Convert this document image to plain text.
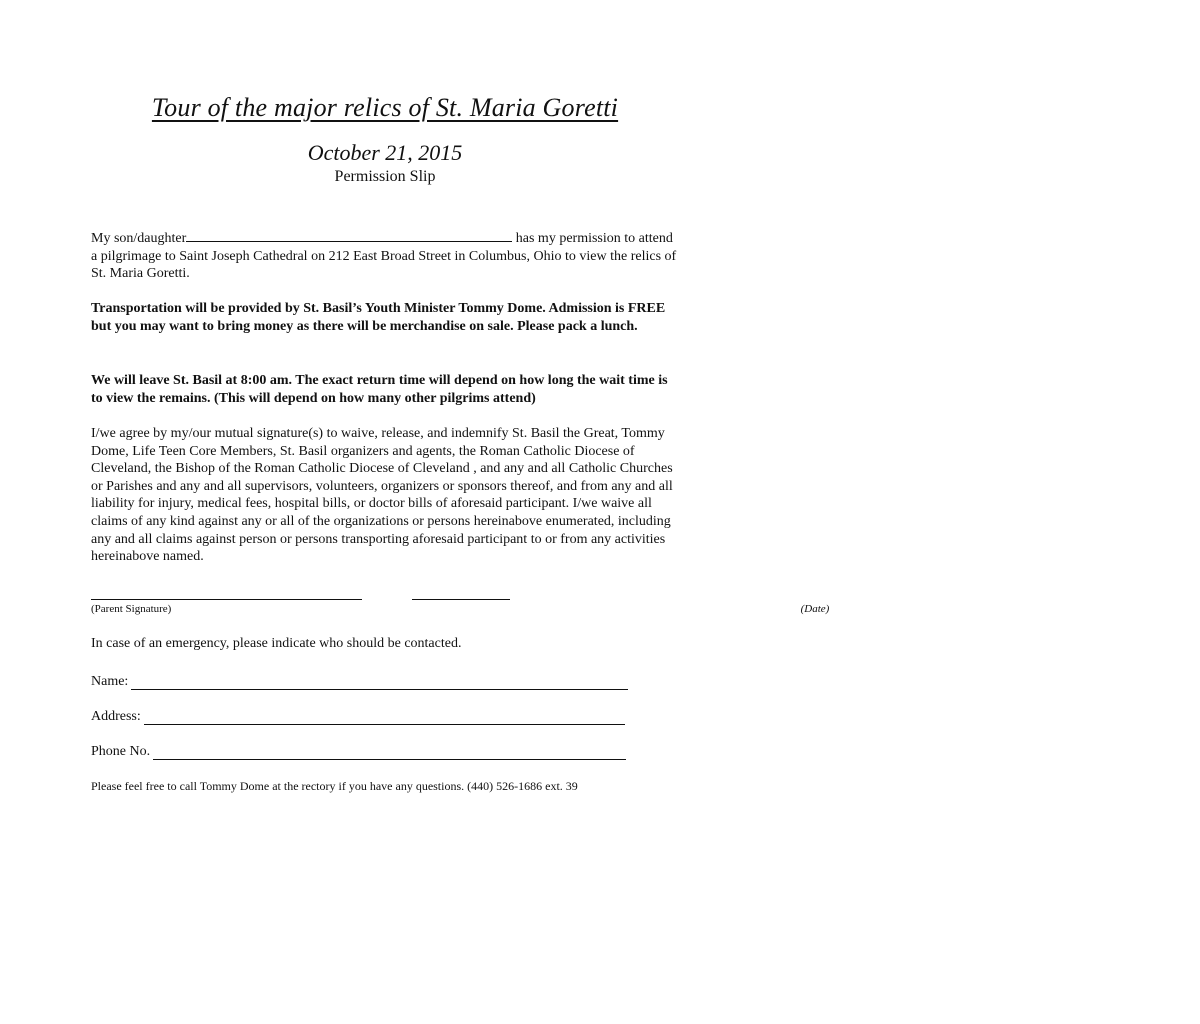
Tour of the major relics of St. Maria Goretti
October 21, 2015
Permission Slip

My son/daughter	has my permission to attend a pilgrimage to Saint Joseph Cathedral on 212 East Broad Street in Columbus, Ohio to view the relics of St. Maria Goretti.

Transportation will be provided by St. Basil’s Youth Minister Tommy Dome. Admission is FREE but you may want to bring money as there will be merchandise on sale. Please pack a lunch.

We will leave St. Basil at 8:00 am. The exact return time will depend on how long the wait time is to view the remains. (This will depend on how many other pilgrims attend)

I/we agree by my/our mutual signature(s) to waive, release, and indemnify St. Basil the Great, Tommy Dome, Life Teen Core Members, St. Basil organizers and agents, the Roman Catholic Diocese of Cleveland, the Bishop of the Roman Catholic Diocese of Cleveland , and any and all Catholic Churches or Parishes and any and all supervisors, volunteers, organizers or sponsors thereof, and from any and all liability for injury, medical fees, hospital bills, or doctor bills of aforesaid participant. I/we waive all claims of any kind against any or all of the organizations or persons hereinabove enumerated, including any and all claims against person or persons transporting aforesaid participant to or from any activities hereinabove named.

(Parent Signature)	(Date)
In case of an emergency, please indicate who should be contacted.
Name:
Address:
Phone No.
Please feel free to call Tommy Dome at the rectory if you have any questions. (440) 526-1686 ext. 39
